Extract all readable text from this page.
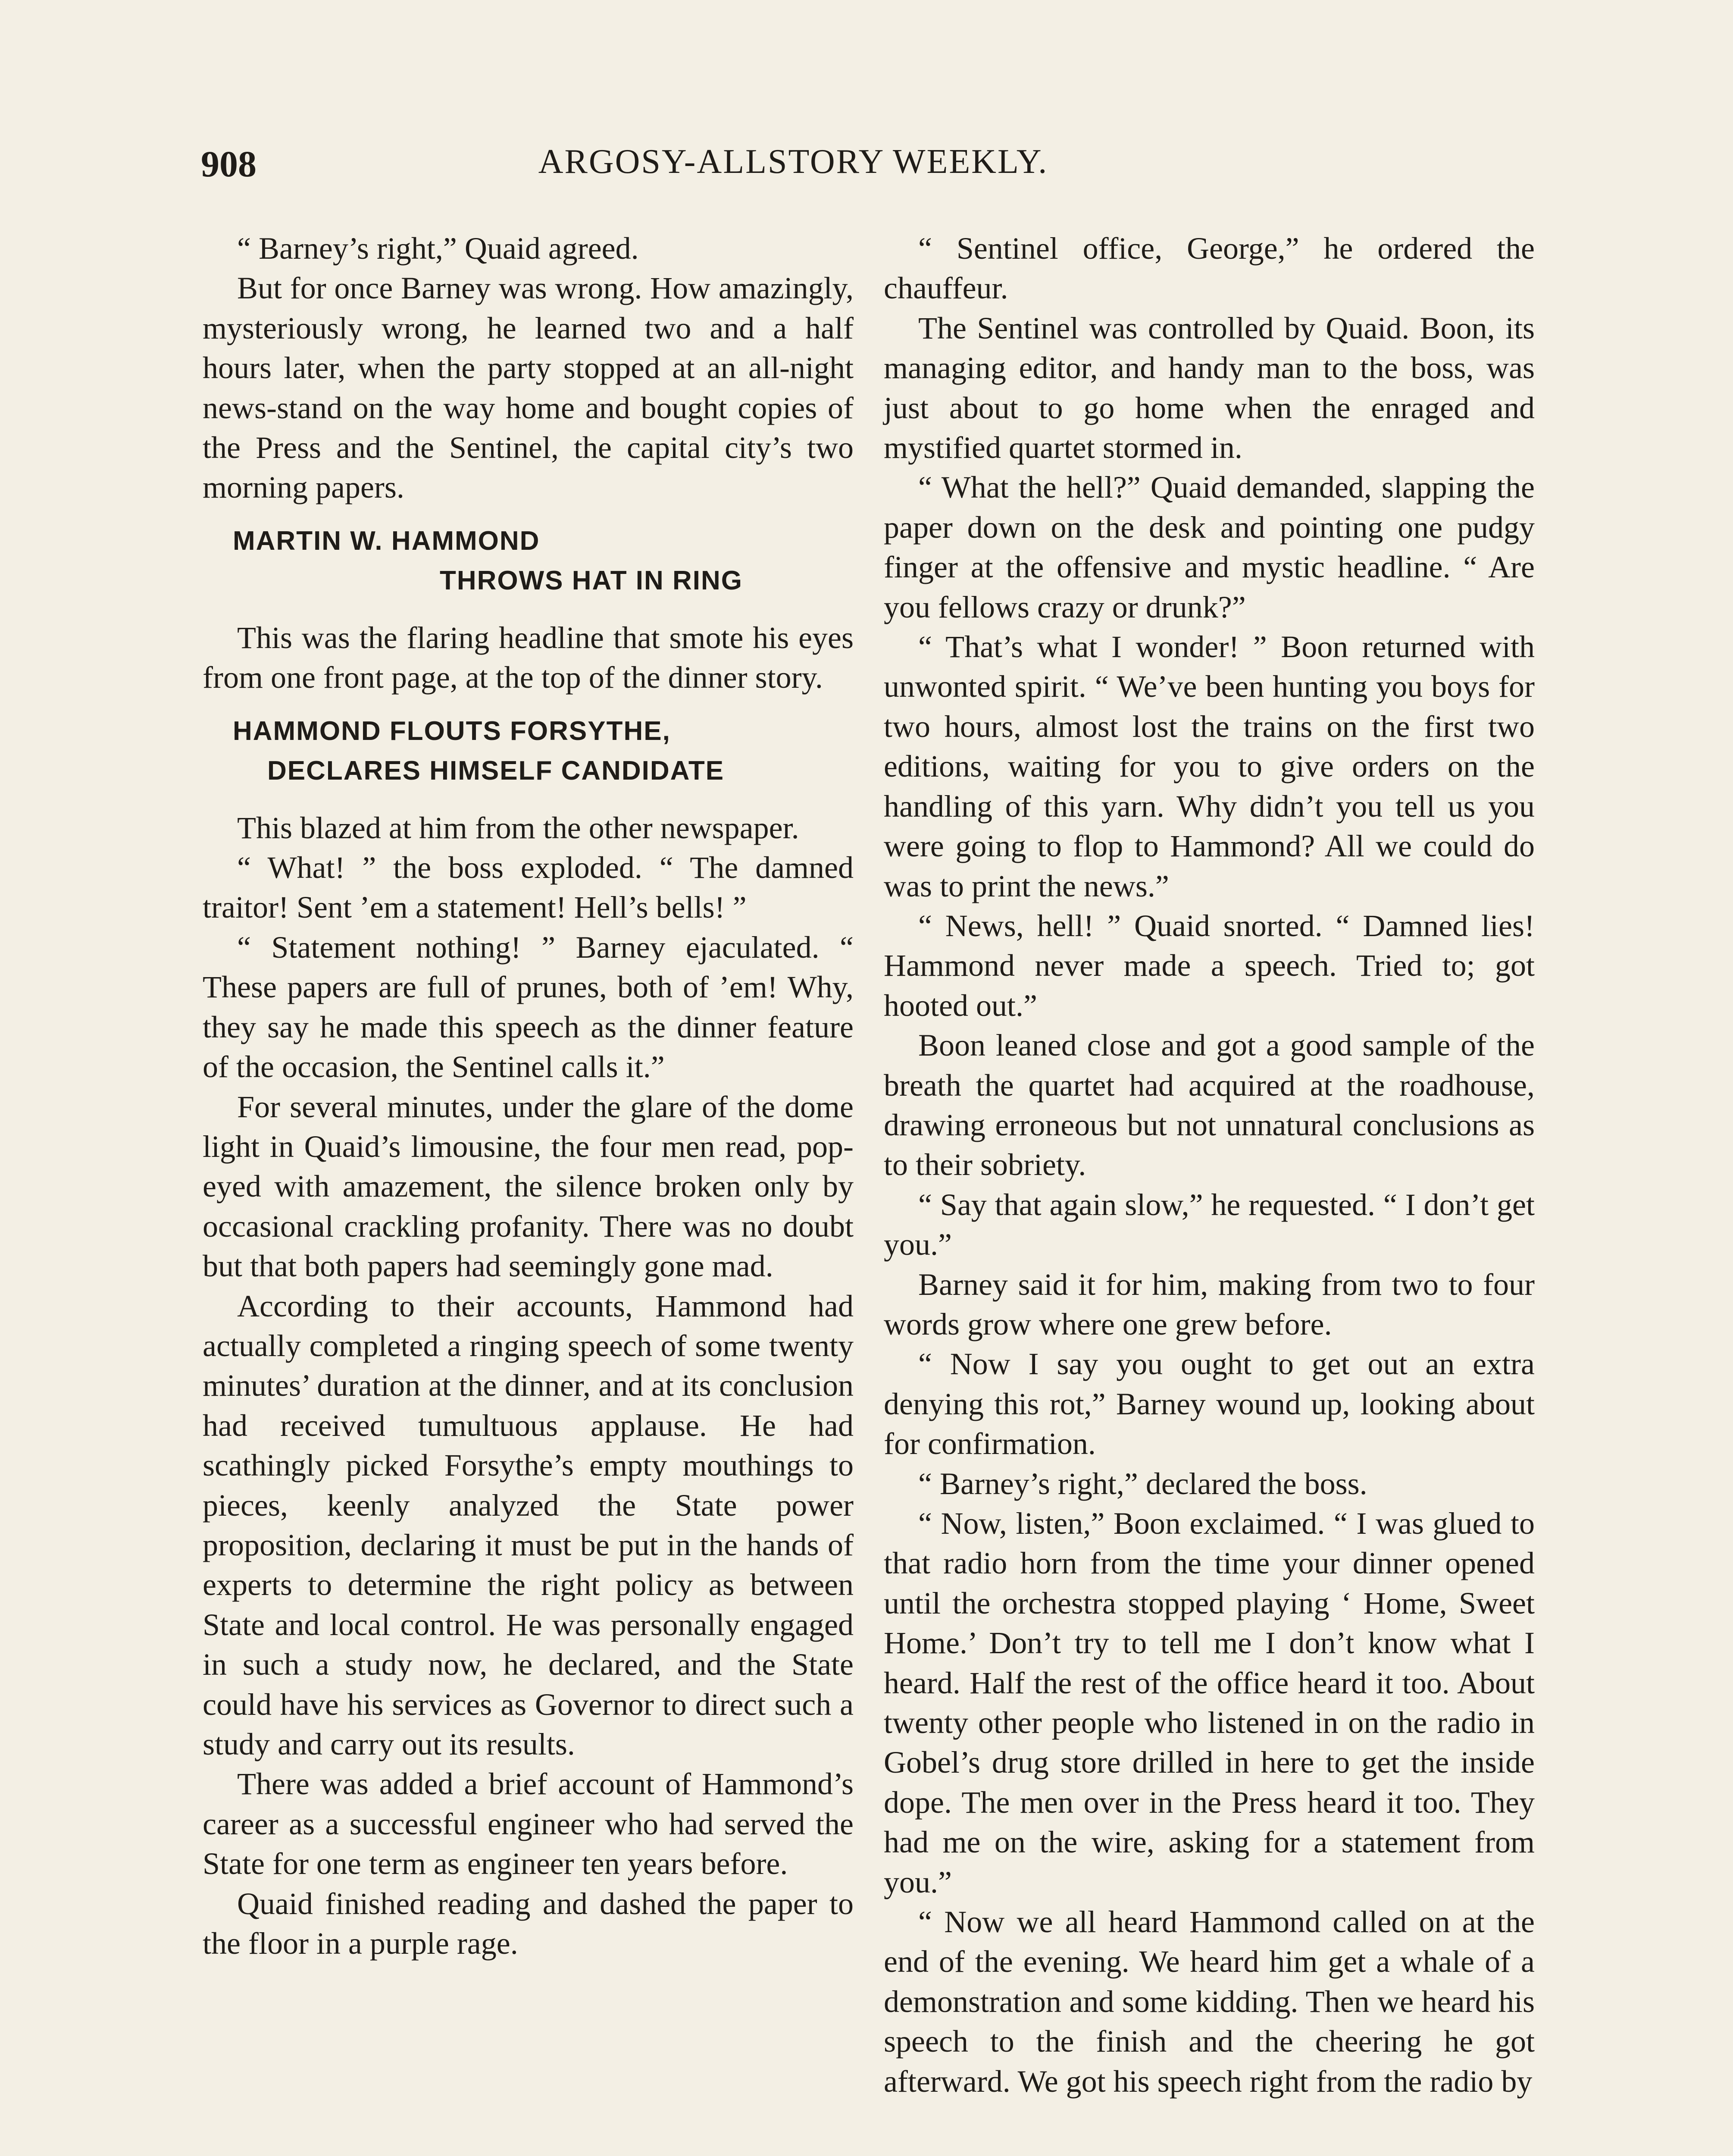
908	ARGOSY-ALLSTORY WEEKLY.

“ Barney’s right,” Quaid agreed.

But for once Barney was wrong. How amazingly, mysteriously wrong, he learned two and a half hours later, when the party stopped at an all-night news-stand on the way home and bought copies of the Press and the Sentinel, the capital city’s two morning papers.

MARTIN W. HAMMOND
THROWS HAT IN RING

This was the flaring headline that smote his eyes from one front page, at the top of the dinner story.

HAMMOND FLOUTS FORSYTHE,
DECLARES HIMSELF CANDIDATE

This blazed at him from the other newspaper.

“ What! ” the boss exploded. “ The damned traitor! Sent ’em a statement! Hell’s bells! ”

“ Statement nothing! ” Barney ejaculated. “ These papers are full of prunes, both of ’em! Why, they say he made this speech as the dinner feature of the occasion, the Sentinel calls it.”

For several minutes, under the glare of the dome light in Quaid’s limousine, the four men read, pop-eyed with amazement, the silence broken only by occasional crackling profanity. There was no doubt but that both papers had seemingly gone mad.

According to their accounts, Hammond had actually completed a ringing speech of some twenty minutes’ duration at the dinner, and at its conclusion had received tumultuous applause. He had scathingly picked Forsythe’s empty mouthings to pieces, keenly analyzed the State power proposition, declaring it must be put in the hands of experts to determine the right policy as between State and local control. He was personally engaged in such a study now, he declared, and the State could have his services as Governor to direct such a study and carry out its results.

There was added a brief account of Hammond’s career as a successful engineer who had served the State for one term as engineer ten years before.

Quaid finished reading and dashed the paper to the floor in a purple rage.

“ Sentinel office, George,” he ordered the chauffeur.

The Sentinel was controlled by Quaid. Boon, its managing editor, and handy man to the boss, was just about to go home when the enraged and mystified quartet stormed in.

“ What the hell?” Quaid demanded, slapping the paper down on the desk and pointing one pudgy finger at the offensive and mystic headline. “ Are you fellows crazy or drunk?”

“ That’s what I wonder! ” Boon returned with unwonted spirit. “ We’ve been hunting you boys for two hours, almost lost the trains on the first two editions, waiting for you to give orders on the handling of this yarn. Why didn’t you tell us you were going to flop to Hammond? All we could do was to print the news.”

“ News, hell! ” Quaid snorted. “ Damned lies! Hammond never made a speech. Tried to; got hooted out.”

Boon leaned close and got a good sample of the breath the quartet had acquired at the roadhouse, drawing erroneous but not unnatural conclusions as to their sobriety.

“ Say that again slow,” he requested. “ I don’t get you.”

Barney said it for him, making from two to four words grow where one grew before.

“ Now I say you ought to get out an extra denying this rot,” Barney wound up, looking about for confirmation.

“ Barney’s right,” declared the boss.

“ Now, listen,” Boon exclaimed. “ I was glued to that radio horn from the time your dinner opened until the orchestra stopped playing ‘ Home, Sweet Home.’ Don’t try to tell me I don’t know what I heard. Half the rest of the office heard it too. About twenty other people who listened in on the radio in Gobel’s drug store drilled in here to get the inside dope. The men over in the Press heard it too. They had me on the wire, asking for a statement from you.”

“ Now we all heard Hammond called on at the end of the evening. We heard him get a whale of a demonstration and some kidding. Then we heard his speech to the finish and the cheering he got afterward. We got his speech right from the radio by
